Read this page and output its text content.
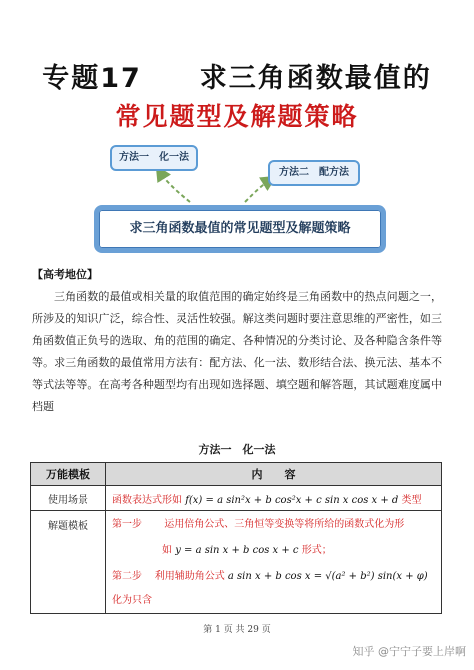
专题17　　求三角函数最值的
常见题型及解题策略
方法一　化一法
方法二　配方法
求三角函数最值的常见题型及解题策略
【高考地位】
三角函数的最值或相关量的取值范围的确定始终是三角函数中的热点问题之一，所涉及的知识广泛，综合性、灵活性较强。解这类问题时要注意思维的严密性，如三角函数值正负号的选取、角的范围的确定、各种情况的分类讨论、及各种隐含条件等等。求三角函数的最值常用方法有：配方法、化一法、数形结合法、换元法、基本不等式法等等。在高考各种题型均有出现如选择题、填空题和解答题，其试题难度属中档题
方法一　化一法
万能模板	内　　容
使用场景	函数表达式形如 f(x) = a sin²x + b cos²x + c sin x cos x + d 类型
解题模板	第一步 运用倍角公式、三角恒等变换等将所给的函数式化为形
如 y = a sin x + b cos x + c 形式；
第二步 利用辅助角公式 a sin x + b cos x = √(a² + b²) sin(x + φ) 化为只含
第 1 页 共 29 页
知乎 @宁宁子要上岸啊
